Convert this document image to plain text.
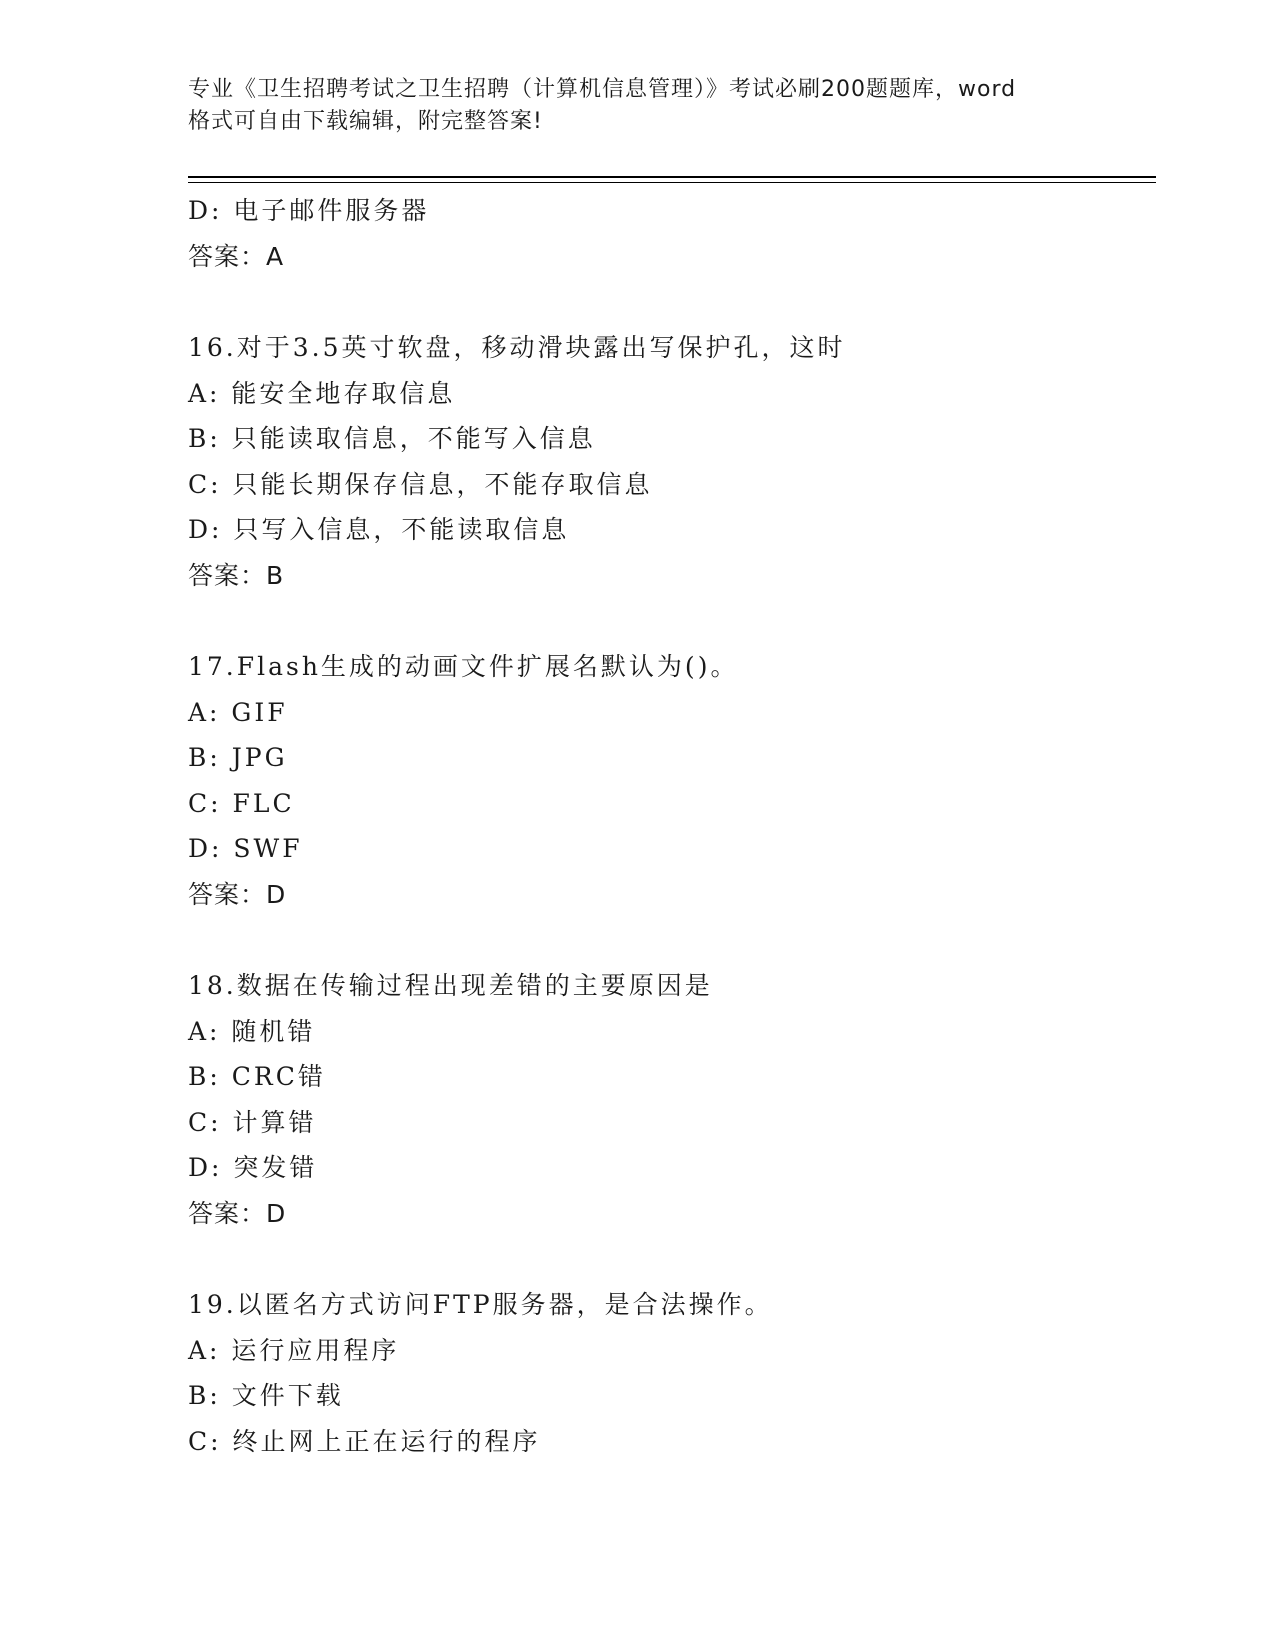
专业《卫生招聘考试之卫生招聘（计算机信息管理）》考试必刷200题题库，word
格式可自由下载编辑，附完整答案!
D: 电子邮件服务器
答案：A
16.对于3.5英寸软盘，移动滑块露出写保护孔，这时
A: 能安全地存取信息
B: 只能读取信息，不能写入信息
C: 只能长期保存信息，不能存取信息
D: 只写入信息，不能读取信息
答案：B
17.Flash生成的动画文件扩展名默认为()。
A: GIF
B: JPG
C: FLC
D: SWF
答案：D
18.数据在传输过程出现差错的主要原因是
A: 随机错
B: CRC错
C: 计算错
D: 突发错
答案：D
19.以匿名方式访问FTP服务器，是合法操作。
A: 运行应用程序
B: 文件下载
C: 终止网上正在运行的程序
